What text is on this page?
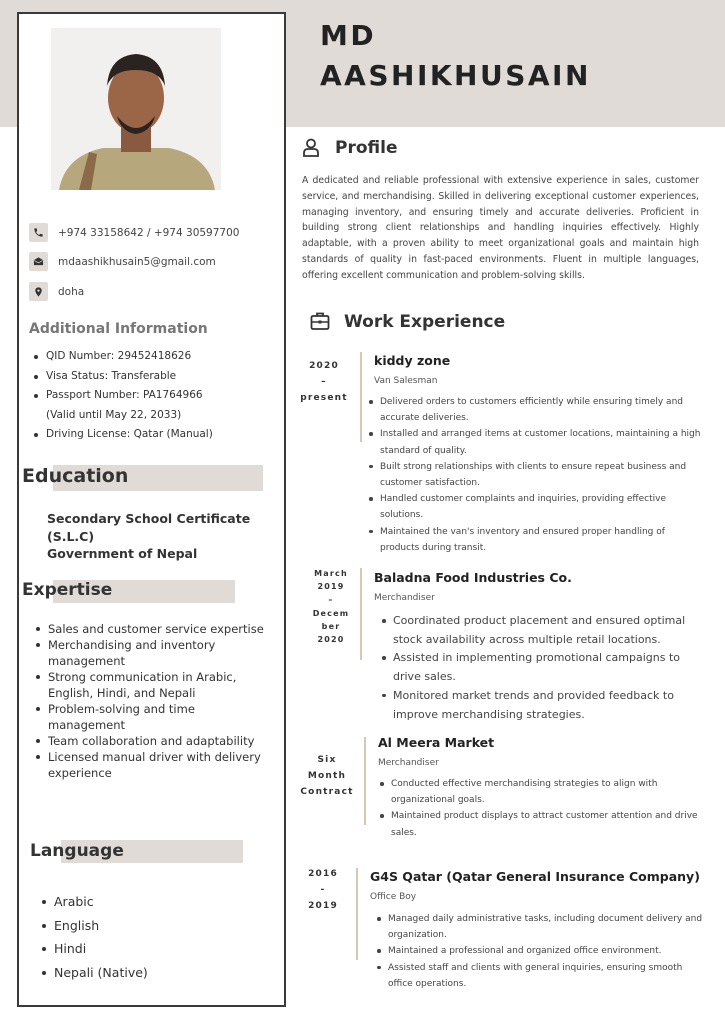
MD
AASHIKHUSAIN
+974 33158642 / +974 30597700
mdaashikhusain5@gmail.com
doha
Additional Information
QID Number: 29452418626
Visa Status: Transferable
Passport Number: PA1764966
(Valid until May 22, 2033)
Driving License: Qatar (Manual)
Education
Secondary School Certificate
(S.L.C)
Government of Nepal
Expertise
Sales and customer service expertise
Merchandising and inventory management
Strong communication in Arabic, English, Hindi, and Nepali
Problem-solving and time management
Team collaboration and adaptability
Licensed manual driver with delivery experience
Language
Arabic
English
Hindi
Nepali (Native)
Profile
A dedicated and reliable professional with extensive experience in sales, customer service, and merchandising. Skilled in delivering exceptional customer experiences, managing inventory, and ensuring timely and accurate deliveries. Proficient in building strong client relationships and handling inquiries effectively. Highly adaptable, with a proven ability to meet organizational goals and maintain high standards of quality in fast-paced environments. Fluent in multiple languages, offering excellent communication and problem-solving skills.
Work Experience
2020
–
present
kiddy zone
Van Salesman
Delivered orders to customers efficiently while ensuring timely and accurate deliveries.
Installed and arranged items at customer locations, maintaining a high standard of quality.
Built strong relationships with clients to ensure repeat business and customer satisfaction.
Handled customer complaints and inquiries, providing effective solutions.
Maintained the van's inventory and ensured proper handling of products during transit.
March
2019
–
Decem
ber
2020
Baladna Food Industries Co.
Merchandiser
Coordinated product placement and ensured optimal stock availability across multiple retail locations.
Assisted in implementing promotional campaigns to drive sales.
Monitored market trends and provided feedback to improve merchandising strategies.
Six
Month
Contract
Al Meera Market
Merchandiser
Conducted effective merchandising strategies to align with organizational goals.
Maintained product displays to attract customer attention and drive sales.
2016
-
2019
G4S Qatar (Qatar General Insurance Company)
Office Boy
Managed daily administrative tasks, including document delivery and organization.
Maintained a professional and organized office environment.
Assisted staff and clients with general inquiries, ensuring smooth office operations.
